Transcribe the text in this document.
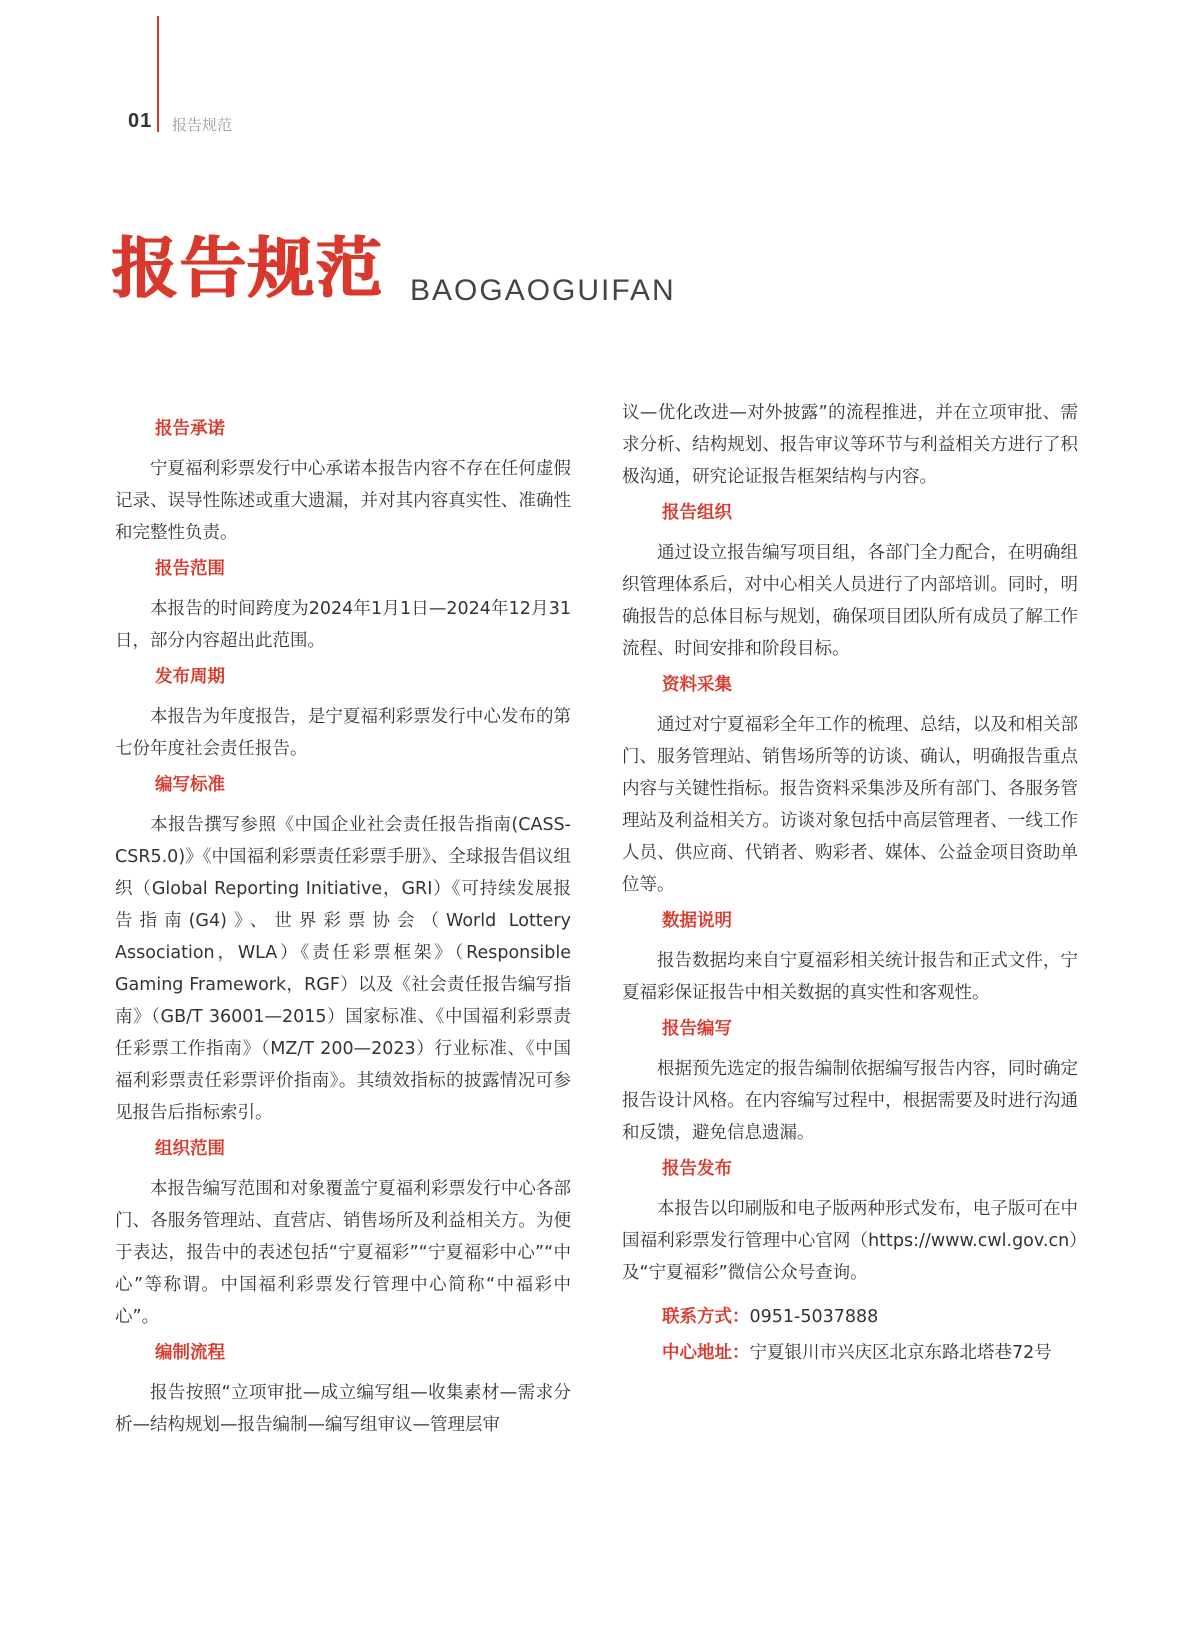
01 报告规范
报告规范 BAOGAOGUIFAN
报告承诺

宁夏福利彩票发行中心承诺本报告内容不存在任何虚假记录、误导性陈述或重大遗漏，并对其内容真实性、准确性和完整性负责。

报告范围

本报告的时间跨度为2024年1月1日—2024年12月31日，部分内容超出此范围。

发布周期

本报告为年度报告，是宁夏福利彩票发行中心发布的第七份年度社会责任报告。

编写标准

本报告撰写参照《中国企业社会责任报告指南(CASS-CSR5.0)》《中国福利彩票责任彩票手册》、全球报告倡议组织（Global Reporting Initiative，GRI）《可持续发展报告指南(G4)》、世界彩票协会（World Lottery Association，WLA）《责任彩票框架》（Responsible Gaming Framework，RGF）以及《社会责任报告编写指南》（GB/T 36001—2015）国家标准、《中国福利彩票责任彩票工作指南》（MZ/T 200—2023）行业标准、《中国福利彩票责任彩票评价指南》。其绩效指标的披露情况可参见报告后指标索引。

组织范围

本报告编写范围和对象覆盖宁夏福利彩票发行中心各部门、各服务管理站、直营店、销售场所及利益相关方。为便于表达，报告中的表述包括“宁夏福彩”“宁夏福彩中心”“中心”等称谓。中国福利彩票发行管理中心简称“中福彩中心”。

编制流程

报告按照“立项审批—成立编写组—收集素材—需求分析—结构规划—报告编制—编写组审议—管理层审

议—优化改进—对外披露”的流程推进，并在立项审批、需求分析、结构规划、报告审议等环节与利益相关方进行了积极沟通，研究论证报告框架结构与内容。

报告组织

通过设立报告编写项目组，各部门全力配合，在明确组织管理体系后，对中心相关人员进行了内部培训。同时，明确报告的总体目标与规划，确保项目团队所有成员了解工作流程、时间安排和阶段目标。

资料采集

通过对宁夏福彩全年工作的梳理、总结，以及和相关部门、服务管理站、销售场所等的访谈、确认，明确报告重点内容与关键性指标。报告资料采集涉及所有部门、各服务管理站及利益相关方。访谈对象包括中高层管理者、一线工作人员、供应商、代销者、购彩者、媒体、公益金项目资助单位等。

数据说明

报告数据均来自宁夏福彩相关统计报告和正式文件，宁夏福彩保证报告中相关数据的真实性和客观性。

报告编写

根据预先选定的报告编制依据编写报告内容，同时确定报告设计风格。在内容编写过程中，根据需要及时进行沟通和反馈，避免信息遗漏。

报告发布

本报告以印刷版和电子版两种形式发布，电子版可在中国福利彩票发行管理中心官网（https://www.cwl.gov.cn）及“宁夏福彩”微信公众号查询。

联系方式：0951-5037888

中心地址：宁夏银川市兴庆区北京东路北塔巷72号
